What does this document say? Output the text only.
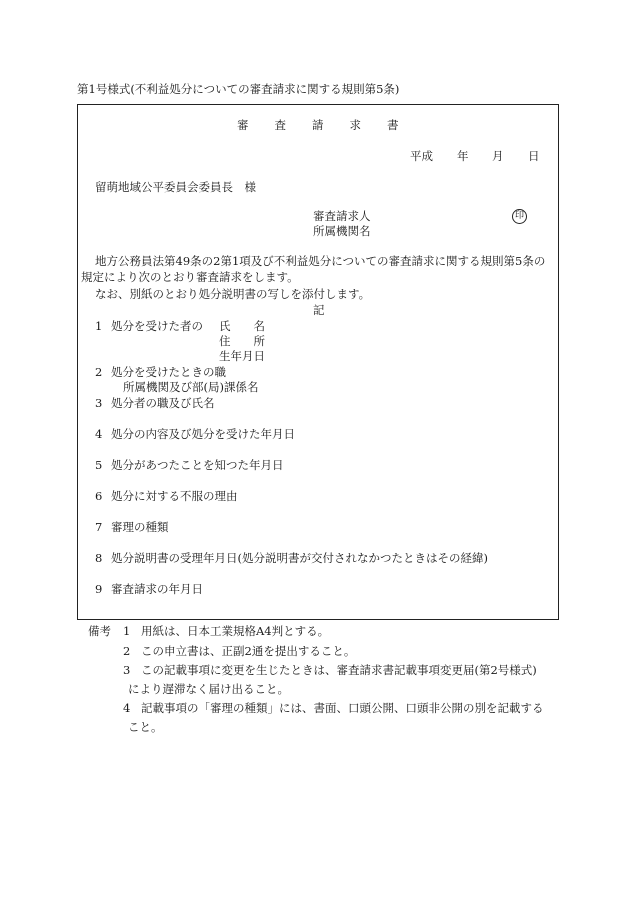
第1号様式(不利益処分についての審査請求に関する規則第5条)
審 査 請 求 書
平成 年 月 日
留萌地域公平委員会委員長　様
審査請求人	印
所属機関名
地方公務員法第49条の2第1項及び不利益処分についての審査請求に関する規則第5条の
規定により次のとおり審査請求をします。
なお、別紙のとおり処分説明書の写しを添付します。
記
1 処分を受けた者の 氏　　名
住　　所
生年月日
2 処分を受けたときの職
所属機関及び部(局)課係名
3 処分者の職及び氏名
4 処分の内容及び処分を受けた年月日
5 処分があつたことを知つた年月日
6 処分に対する不服の理由
7 審理の種類
8 処分説明書の受理年月日(処分説明書が交付されなかつたときはその経緯)
9 審査請求の年月日
備考 1 用紙は、日本工業規格A4判とする。
2 この申立書は、正副2通を提出すること。
3 この記載事項に変更を生じたときは、審査請求書記載事項変更届(第2号様式)
により遅滞なく届け出ること。
4 記載事項の「審理の種類」には、書面、口頭公開、口頭非公開の別を記載する
こと。
